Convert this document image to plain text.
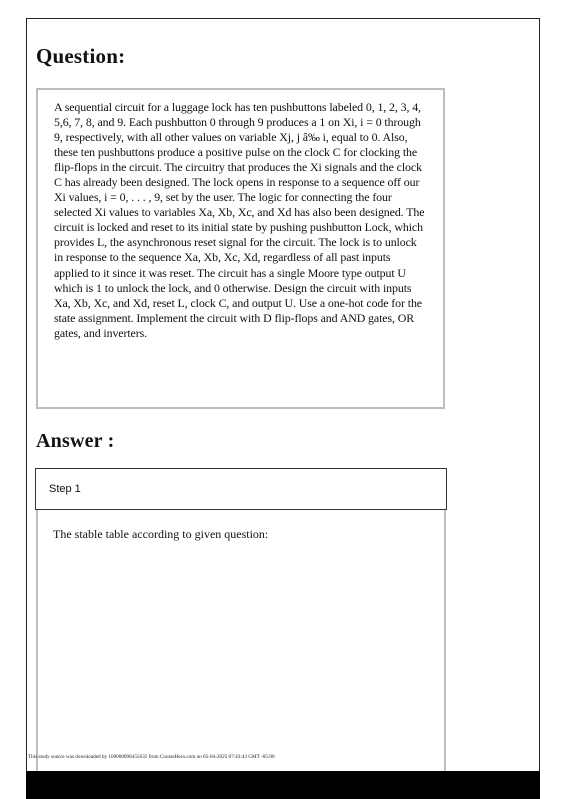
Question:

A sequential circuit for a luggage lock has ten pushbuttons labeled 0, 1, 2, 3, 4, 5,6, 7, 8, and 9. Each pushbutton 0 through 9 produces a 1 on Xi, i = 0 through 9, respectively, with all other values on variable Xj, j â‰ i, equal to 0. Also, these ten pushbuttons produce a positive pulse on the clock C for clocking the flip-flops in the circuit. The circuitry that produces the Xi signals and the clock C has already been designed. The lock opens in response to a sequence off our Xi values, i = 0, . . . , 9, set by the user. The logic for connecting the four selected Xi values to variables Xa, Xb, Xc, and Xd has also been designed. The circuit is locked and reset to its initial state by pushing pushbutton Lock, which provides L, the asynchronous reset signal for the circuit. The lock is to unlock in response to the sequence Xa, Xb, Xc, Xd, regardless of all past inputs applied to it since it was reset. The circuit has a single Moore type output U which is 1 to unlock the lock, and 0 otherwise. Design the circuit with inputs Xa, Xb, Xc, and Xd, reset L, clock C, and output U. Use a one-hot code for the state assignment. Implement the circuit with D flip-flops and AND gates, OR gates, and inverters.

Answer :
Step 1

The stable table according to given question:

This study source was downloaded by 100000898455635 from CourseHero.com on 05-04-2025 07:43:43 GMT -05:00
